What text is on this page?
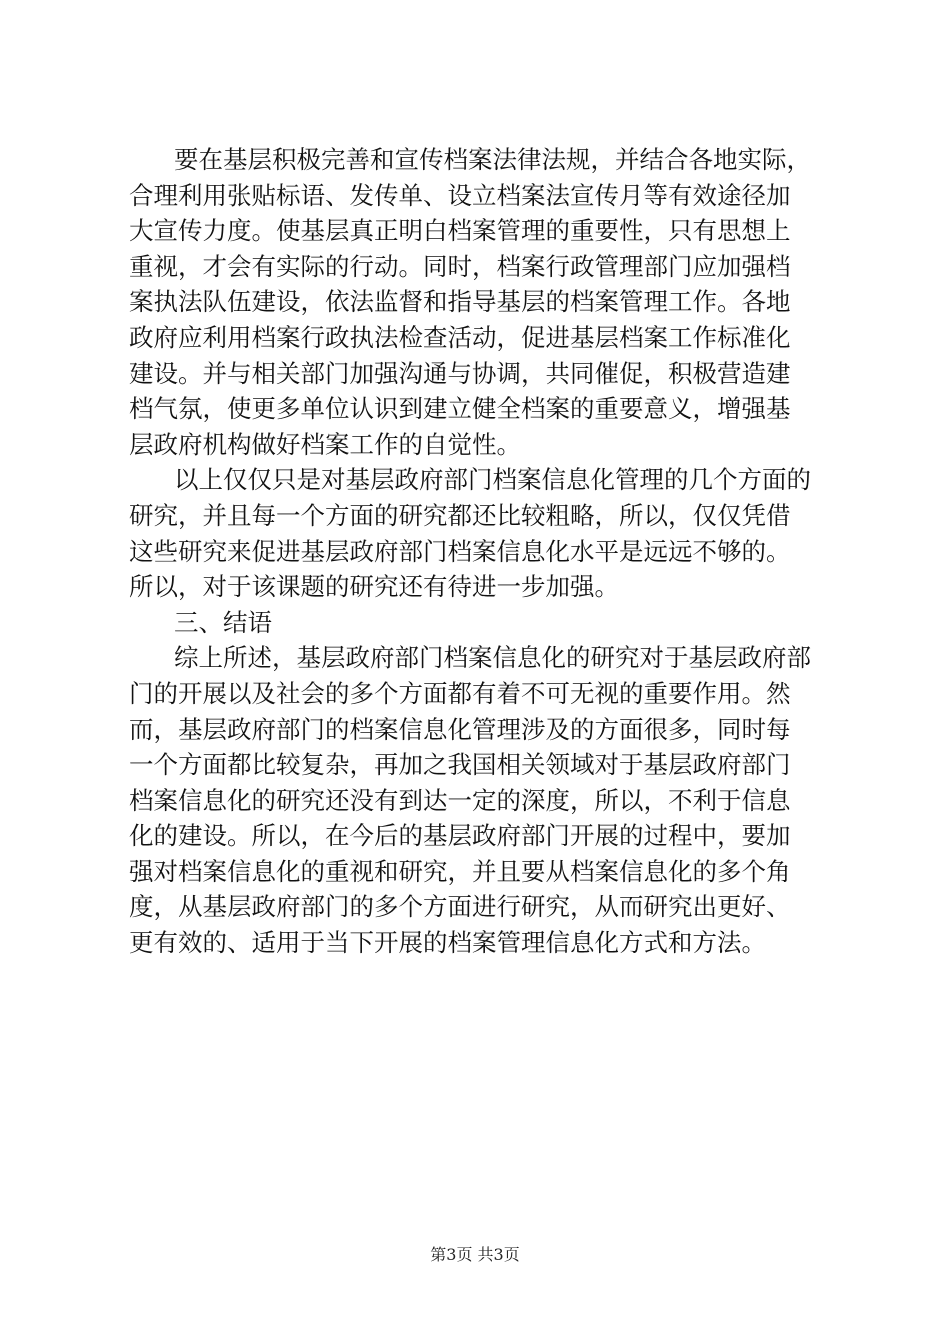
要在基层积极完善和宣传档案法律法规，并结合各地实际，
合理利用张贴标语、发传单、设立档案法宣传月等有效途径加
大宣传力度。使基层真正明白档案管理的重要性，只有思想上
重视，才会有实际的行动。同时，档案行政管理部门应加强档
案执法队伍建设，依法监督和指导基层的档案管理工作。各地
政府应利用档案行政执法检查活动，促进基层档案工作标准化
建设。并与相关部门加强沟通与协调，共同催促，积极营造建
档气氛，使更多单位认识到建立健全档案的重要意义，增强基
层政府机构做好档案工作的自觉性。
以上仅仅只是对基层政府部门档案信息化管理的几个方面的
研究，并且每一个方面的研究都还比较粗略，所以，仅仅凭借
这些研究来促进基层政府部门档案信息化水平是远远不够的。
所以，对于该课题的研究还有待进一步加强。
三、结语
综上所述，基层政府部门档案信息化的研究对于基层政府部
门的开展以及社会的多个方面都有着不可无视的重要作用。然
而，基层政府部门的档案信息化管理涉及的方面很多，同时每
一个方面都比较复杂，再加之我国相关领域对于基层政府部门
档案信息化的研究还没有到达一定的深度，所以，不利于信息
化的建设。所以，在今后的基层政府部门开展的过程中，要加
强对档案信息化的重视和研究，并且要从档案信息化的多个角
度，从基层政府部门的多个方面进行研究，从而研究出更好、
更有效的、适用于当下开展的档案管理信息化方式和方法。
第3页 共3页
